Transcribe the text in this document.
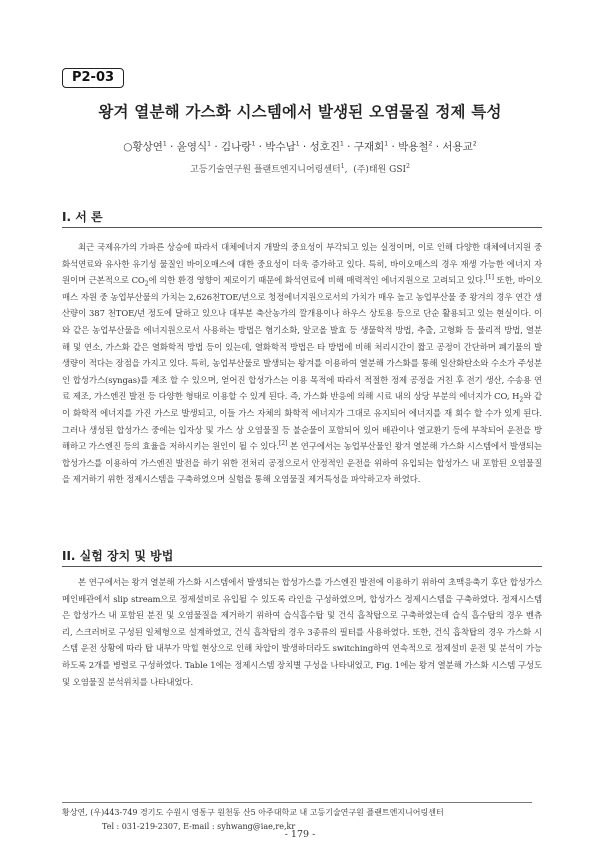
P2-03
왕겨 열분해 가스화 시스템에서 발생된 오염물질 정제 특성
○황상연$^1$ · 윤영식$^1$ · 김나랑$^1$ · 박수남$^1$ · 성호진$^1$ · 구재회$^1$ · 박용철$^2$ · 서용교$^2$
고등기술연구원 플랜트엔지니어링센터$^1$,  (주)태원 GSI$^2$
I. 서 론

최근 국제유가의 가파른 상승에 따라서 대체에너지 개발의 중요성이 부각되고 있는 실정이며, 이로 인해 다양한 대체에너지원 중 화석연료와 유사한 유기성 물질인 바이오매스에 대한 중요성이 더욱 증가하고 있다. 특히, 바이오매스의 경우 재생 가능한 에너지 자원이며 근본적으로 $CO_2$에 의한 환경 영향이 제로이기 때문에 화석연료에 비해 매력적인 에너지원으로 고려되고 있다.[1] 또한, 바이오매스 자원 중 농업부산물의 가치는 2,626천TOE/년으로 청정에너지원으로서의 가치가 매우 높고 농업부산물 중 왕겨의 경우 연간 생산량이 387 천TOE/년 정도에 달하고 있으나 대부분 축산농가의 깔개용이나 하우스 상토용 등으로 단순 활용되고 있는 현실이다. 이와 같은 농업부산물을 에너지원으로서 사용하는 방법은 혐기소화, 알코올 발효 등 생물학적 방법, 추출, 고형화 등 물리적 방법, 열분해 및 연소, 가스화 같은 열화학적 방법 등이 있는데, 열화학적 방법은 타 방법에 비해 처리시간이 짧고 공정이 간단하며 폐기물의 발생량이 적다는 장점을 가지고 있다. 특히, 농업부산물로 발생되는 왕겨를 이용하여 열분해 가스화를 통해 일산화탄소와 수소가 주성분인 합성가스(syngas)를 제조 할 수 있으며, 얻어진 합성가스는 이용 목적에 따라서 적절한 정제 공정을 거친 후 전기 생산, 수송용 연료 제조, 가스엔진 발전 등 다양한 형태로 이용할 수 있게 된다. 즉, 가스화 반응에 의해 시료 내의 상당 부분의 에너지가 CO, $H_2$와 같이 화학적 에너지를 가진 가스로 발생되고, 이들 가스 자체의 화학적 에너지가 그대로 유지되어 에너지를 재 회수 할 수가 있게 된다. 그러나 생성된 합성가스 중에는 입자상 및 가스 상 오염물질 등 불순물이 포함되어 있어 배관이나 열교환기 등에 부착되어 운전을 방해하고 가스엔진 등의 효율을 저하시키는 원인이 될 수 있다.[2] 본 연구에서는 농업부산물인 왕겨 열분해 가스화 시스템에서 발생되는 합성가스를 이용하여 가스엔진 발전을 하기 위한 전처리 공정으로서 안정적인 운전을 위하여 유입되는 합성가스 내 포함된 오염물질을 제거하기 위한 정제시스템을 구축하였으며 실험을 통해 오염물질 제거특성을 파악하고자 하였다.

II. 실험 장치 및 방법

본 연구에서는 왕겨 열분해 가스화 시스템에서 발생되는 합성가스를 가스엔진 발전에 이용하기 위하여 초맥응축기 후단 합성가스 메인배관에서 slip stream으로 정제설비로 유입될 수 있도록 라인을 구성하였으며, 합성가스 정제시스템을 구축하였다. 정제시스템은 합성가스 내 포함된 분진 및 오염물질을 제거하기 위하여 습식흡수탑 및 건식 흡착탑으로 구축하였는데 습식 흡수탑의 경우 벤츄리, 스크러버로 구성된 일체형으로 설계하였고, 건식 흡착탑의 경우 3종류의 필터를 사용하였다. 또한, 건식 흡착탑의 경우 가스화 시스템 운전 상황에 따라 탑 내부가 막힐 현상으로 인해 차압이 발생하더라도 switching하여 연속적으로 정제설비 운전 및 분석이 가능하도록 2개를 병렬로 구성하였다. Table 1에는 정제시스템 장치별 구성을 나타내었고, Fig. 1에는 왕겨 열분해 가스화 시스템 구성도 및 오염물질 분석위치를 나타내었다.

황상연, (우)443-749 경기도 수원시 영통구 원천동 산5 아주대학교 내 고등기술연구원 플랜트엔지니어링센터
Tel : 031-219-2307, E-mail : syhwang@iae,re,kr
- 179 -
